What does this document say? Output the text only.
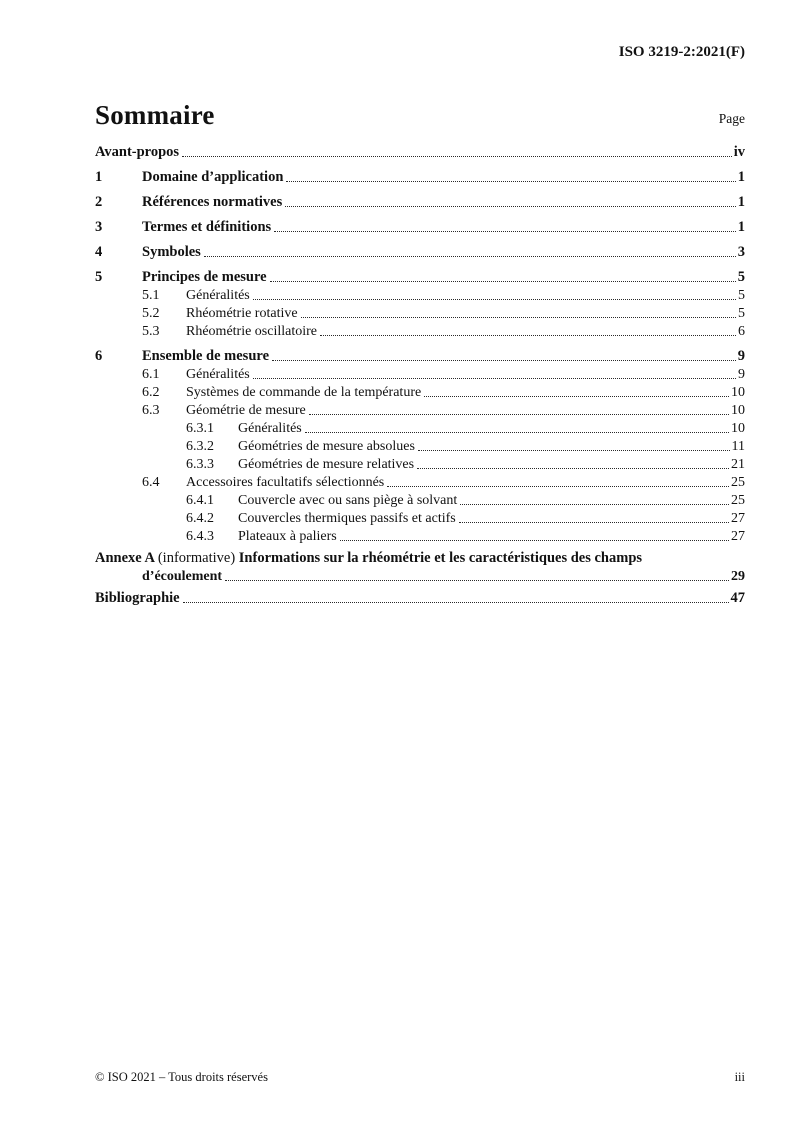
ISO 3219-2:2021(F)
Sommaire	Page
Avant-propos	iv
1	Domaine d’application	1
2	Références normatives	1
3	Termes et définitions	1
4	Symboles	3
5	Principes de mesure	5
5.1	Généralités	5
5.2	Rhéométrie rotative	5
5.3	Rhéométrie oscillatoire	6
6	Ensemble de mesure	9
6.1	Généralités	9
6.2	Systèmes de commande de la température	10
6.3	Géométrie de mesure	10
6.3.1	Généralités	10
6.3.2	Géométries de mesure absolues	11
6.3.3	Géométries de mesure relatives	21
6.4	Accessoires facultatifs sélectionnés	25
6.4.1	Couvercle avec ou sans piège à solvant	25
6.4.2	Couvercles thermiques passifs et actifs	27
6.4.3	Plateaux à paliers	27
Annexe A (informative) Informations sur la rhéométrie et les caractéristiques des champs
d’écoulement	29
Bibliographie	47
© ISO 2021 – Tous droits réservés	iii
